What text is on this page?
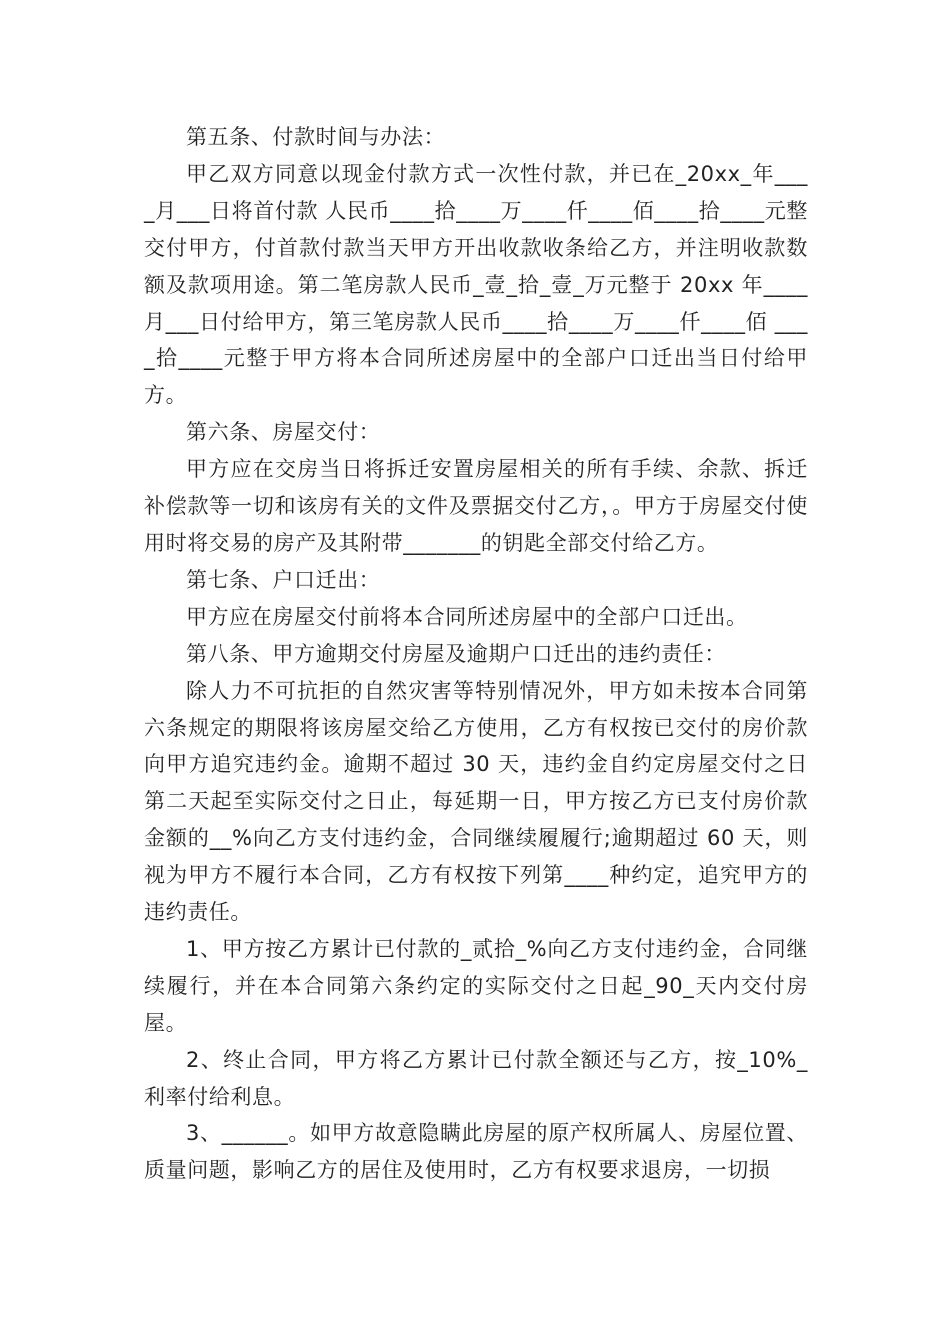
第五条、付款时间与办法：

甲乙双方同意以现金付款方式一次性付款，并已在_20xx_年___ _月___日将首付款 人民币____拾____万____仟____佰____拾____元整交付甲方，付首款付款当天甲方开出收款收条给乙方，并注明收款数额及款项用途。第二笔房款人民币_壹_拾_壹_万元整于 20xx 年____月___日付给甲方，第三笔房款人民币____拾____万____仟____佰 ____拾____元整于甲方将本合同所述房屋中的全部户口迁出当日付给甲方。

第六条、房屋交付：

甲方应在交房当日将拆迁安置房屋相关的所有手续、余款、拆迁补偿款等一切和该房有关的文件及票据交付乙方，。甲方于房屋交付使用时将交易的房产及其附带_______的钥匙全部交付给乙方。

第七条、户口迁出：

甲方应在房屋交付前将本合同所述房屋中的全部户口迁出。

第八条、甲方逾期交付房屋及逾期户口迁出的违约责任：

除人力不可抗拒的自然灾害等特别情况外，甲方如未按本合同第六条规定的期限将该房屋交给乙方使用，乙方有权按已交付的房价款向甲方追究违约金。逾期不超过 30 天，违约金自约定房屋交付之日第二天起至实际交付之日止，每延期一日，甲方按乙方已支付房价款金额的__%向乙方支付违约金，合同继续履履行;逾期超过 60 天，则视为甲方不履行本合同，乙方有权按下列第____种约定，追究甲方的违约责任。

1、甲方按乙方累计已付款的_贰拾_%向乙方支付违约金，合同继续履行，并在本合同第六条约定的实际交付之日起_90_天内交付房屋。

2、终止合同，甲方将乙方累计已付款全额还与乙方，按_10%_利率付给利息。

3、______。如甲方故意隐瞒此房屋的原产权所属人、房屋位置、质量问题，影响乙方的居住及使用时，乙方有权要求退房，一切损
